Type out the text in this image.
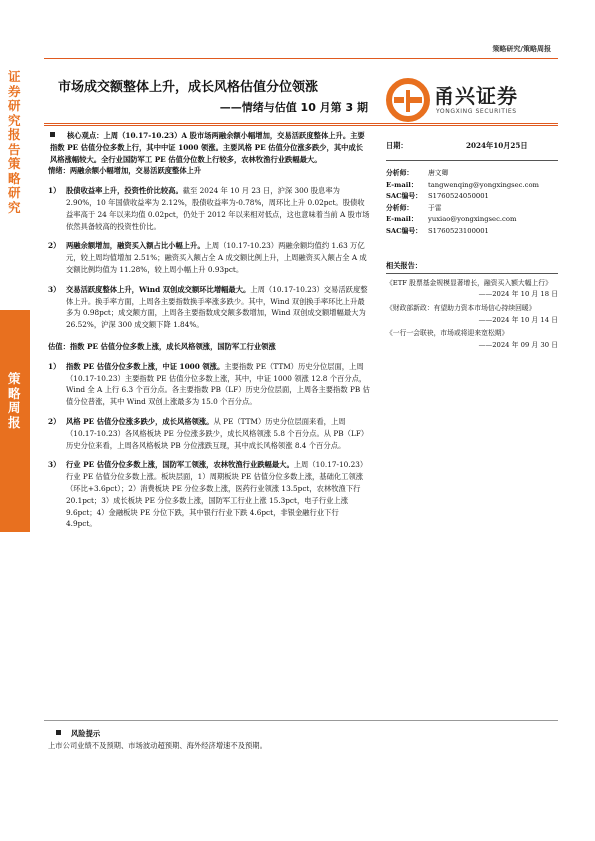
策略研究/策略周报
证券研究报告 策略研究
策略周报
市场成交额整体上升，成长风格估值分位领涨
——情绪与估值 10 月第 3 期	甬兴证券
YONGXING SECURITIES
核心观点：上周（10.17-10.23）A 股市场两融余额小幅增加，交易活跃度整体上升。主要指数 PE 估值分位多数上行，其中中证 1000 领涨。主要风格 PE 估值分位涨多跌少，其中成长风格涨幅较大。全行业国防军工 PE 估值分位数上行较多，农林牧渔行业跌幅最大。
情绪：两融余额小幅增加，交易活跃度整体上升
1） 股债收益率上升，投资性价比较高。截至 2024 年 10 月 23 日，沪深 300 股息率为 2.90%，10 年国债收益率为 2.12%，股债收益率为-0.78%，周环比上升 0.02pct。股债收益率高于 24 年以来均值 0.02pct，仍处于 2012 年以来相对低点，这也意味着当前 A 股市场依然具备较高的投资性价比。
2） 两融余额增加，融资买入额占比小幅上升。上周（10.17-10.23）两融余额均值约 1.63 万亿元，较上周均值增加 2.51%；融资买入额占全 A 成交额比例上升，上周融资买入额占全 A 成交额比例均值为 11.28%，较上周小幅上升 0.93pct。
3） 交易活跃度整体上升，Wind 双创成交额环比增幅最大。上周（10.17-10.23）交易活跃度整体上升。换手率方面，上周各主要指数换手率涨多跌少。其中，Wind 双创换手率环比上升最多为 0.98pct；成交额方面，上周各主要指数成交额多数增加，Wind 双创成交额增幅最大为 26.52%，沪深 300 成交额下降 1.84%。
估值：指数 PE 估值分位多数上涨，成长风格领涨，国防军工行业领涨
1） 指数 PE 估值分位多数上涨，中证 1000 领涨。主要指数 PE（TTM）历史分位层面，上周（10.17-10.23）主要指数 PE 估值分位多数上涨，其中，中证 1000 领涨 12.8 个百分点，Wind 全 A 上行 6.3 个百分点。各主要指数 PB（LF）历史分位层面，上周各主要指数 PB 估值分位普涨，其中 Wind 双创上涨最多为 15.0 个百分点。
2） 风格 PE 估值分位涨多跌少，成长风格领涨。从 PE（TTM）历史分位层面来看，上周（10.17-10.23）各风格板块 PE 分位涨多跌少，成长风格领涨 5.8 个百分点。从 PB（LF）历史分位来看，上周各风格板块 PB 分位涨跌互现，其中成长风格领涨 8.4 个百分点。
3） 行业 PE 估值分位多数上涨，国防军工领涨，农林牧渔行业跌幅最大。上周（10.17-10.23）行业 PE 估值分位多数上涨。板块层面，1）周期板块 PE 估值分位多数上涨，基础化工领涨（环比+3.6pct）；2）消费板块 PE 分位多数上涨，医药行业领涨 13.5pct，农林牧渔下行 20.1pct；3）成长板块 PE 分位多数上涨，国防军工行业上涨 15.3pct，电子行业上涨 9.6pct；4）金融板块 PE 分位下跌，其中银行行业下跌 4.6pct，非银金融行业下行 4.9pct。
日期：	2024年10月25日
分析师：	唐文卿
E-mail：	tangwenqing@yongxingsec.com
SAC编号： S1760524050001
分析师：	于雷
E-mail：	yuxiao@yongxingsec.com
SAC编号： S1760523100001
相关报告：
《ETF 股票基金规模显著增长，融资买入额大幅上行》
——2024 年 10 月 18 日
《财政部新政：有望助力资本市场信心持续回暖》
——2024 年 10 月 14 日
《一行一会联袂，市场或将迎来宽松期》
——2024 年 09 月 30 日
风险提示
上市公司业绩不及预期、市场波动超预期、海外经济增速不及预期。
